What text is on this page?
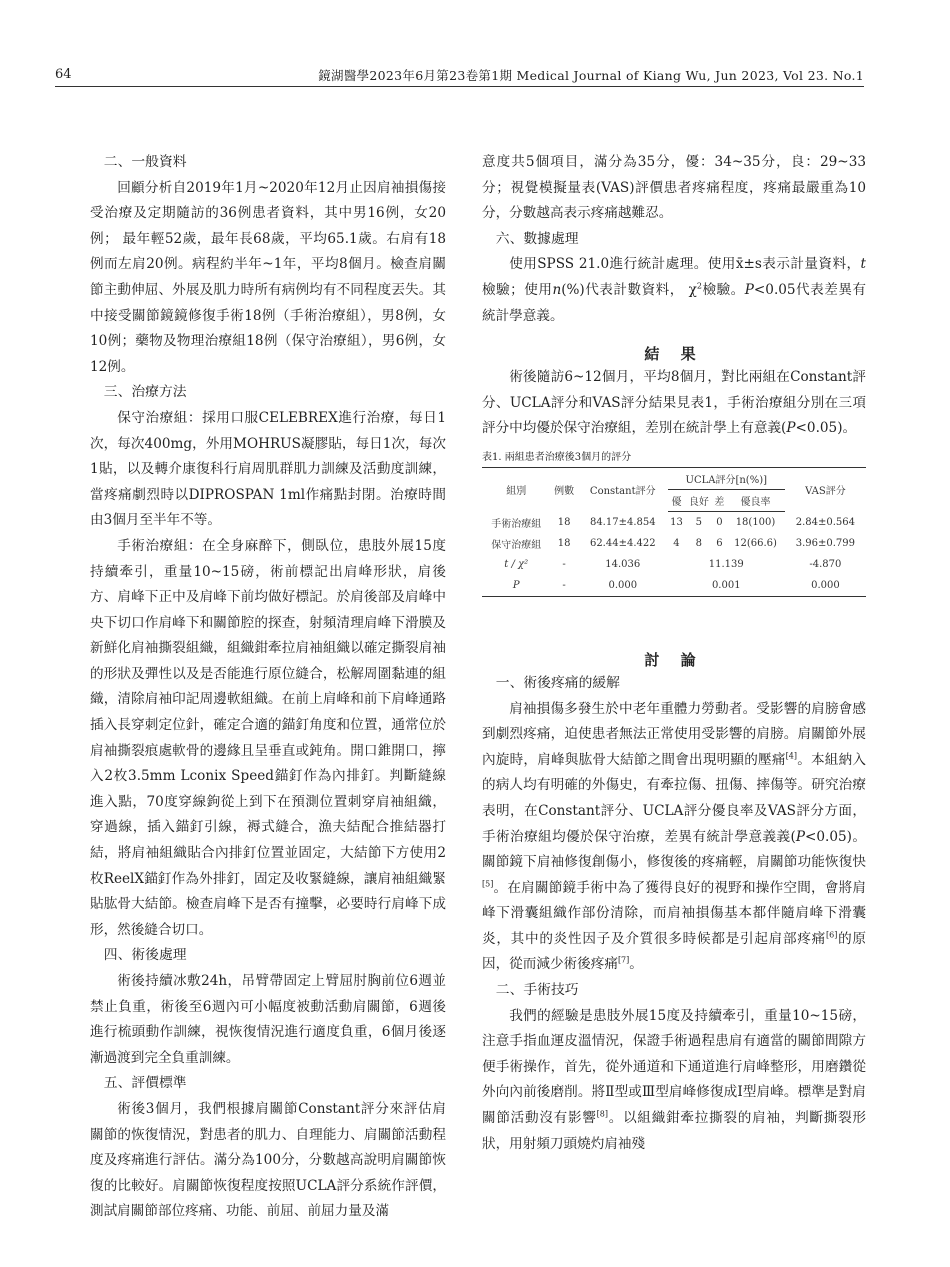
64	鏡湖醫學2023年6月第23卷第1期 Medical Journal of Kiang Wu, Jun 2023, Vol 23. No.1
二、一般資料

回顧分析自2019年1月~2020年12月止因肩袖損傷接受治療及定期隨訪的36例患者資料，其中男16例，女20例； 最年輕52歲，最年長68歲，平均65.1歲。右肩有18例而左肩20例。病程約半年~1年，平均8個月。檢查肩關節主動伸屈、外展及肌力時所有病例均有不同程度丟失。其中接受關節鏡鏡修復手術18例（手術治療組），男8例，女10例；藥物及物理治療組18例（保守治療組），男6例，女12例。

三、治療方法

保守治療組：採用口服CELEBREX進行治療，每日1次，每次400mg，外用MOHRUS凝膠貼，每日1次，每次1貼，以及轉介康復科行肩周肌群肌力訓練及活動度訓練，當疼痛劇烈時以DIPROSPAN 1ml作痛點封閉。治療時間由3個月至半年不等。

手術治療組：在全身麻醉下，側臥位，患肢外展15度持續牽引，重量10~15磅，術前標記出肩峰形狀，肩後方、肩峰下正中及肩峰下前均做好標記。於肩後部及肩峰中央下切口作肩峰下和關節腔的探查，射頻清理肩峰下滑膜及新鮮化肩袖撕裂組織，組織鉗牽拉肩袖組織以確定撕裂肩袖的形狀及彈性以及是否能進行原位縫合，松解周圍黏連的組織，清除肩袖印記周邊軟組織。在前上肩峰和前下肩峰通路插入長穿刺定位針，確定合適的錨釘角度和位置，通常位於肩袖撕裂痕處軟骨的邊緣且呈垂直或鈍角。開口錐開口，擰入2枚3.5mm Lconix Speed錨釘作為內排釘。判斷縫線進入點，70度穿線鉤從上到下在預測位置刺穿肩袖組織，穿過線，插入錨釘引線，褥式縫合，漁夫結配合推結器打結，將肩袖組織貼合內排釘位置並固定，大結節下方使用2枚ReelX錨釘作為外排釘，固定及收緊縫線，讓肩袖組織緊貼肱骨大結節。檢查肩峰下是否有撞擊，必要時行肩峰下成形，然後縫合切口。

四、術後處理

術後持續冰敷24h，吊臂帶固定上臂屈肘胸前位6週並禁止負重，術後至6週內可小幅度被動活動肩關節，6週後進行梳頭動作訓練，視恢復情況進行適度負重，6個月後逐漸過渡到完全負重訓練。

五、評價標準

術後3個月，我們根據肩關節Constant評分來評估肩關節的恢復情況，對患者的肌力、自理能力、肩關節活動程度及疼痛進行評估。滿分為100分，分數越高說明肩關節恢復的比較好。肩關節恢復程度按照UCLA評分系統作評價，測試肩關節部位疼痛、功能、前屈、前屈力量及滿

意度共5個項目，滿分為35分，優：34~35分，良：29~33分；視覺模擬量表(VAS)評價患者疼痛程度，疼痛最嚴重為10分，分數越高表示疼痛越難忍。

六、數據處理

使用SPSS 21.0進行統計處理。使用x̄±s表示計量資料，t 檢驗；使用n(%)代表計數資料， $\chi^2$檢驗。P<0.05代表差異有統計學意義。

結 果

術後隨訪6~12個月，平均8個月，對比兩組在Constant評分、UCLA評分和VAS評分結果見表1，手術治療組分別在三項評分中均優於保守治療組，差別在統計學上有意義(P<0.05)。

表1. 兩組患者治療後3個月的評分
組別	例數	Constant評分	UCLA評分[n(%)]				VAS評分
			優	良好	差	優良率	
手術治療組	18	84.17±4.854	13	5	0	18(100)	2.84±0.564
保守治療組	18	62.44±4.422	4	8	6	12(66.6)	3.96±0.799
t / χ²	-	14.036	11.139				-4.870
P	-	0.000	0.001				0.000
討 論
一、術後疼痛的緩解

肩袖損傷多發生於中老年重體力勞動者。受影響的肩膀會感到劇烈疼痛，迫使患者無法正常使用受影響的肩膀。肩關節外展內旋時，肩峰與肱骨大結節之間會出現明顯的壓痛[4]。本組納入的病人均有明確的外傷史，有牽拉傷、扭傷、摔傷等。研究治療表明，在Constant評分、UCLA評分優良率及VAS評分方面，手術治療組均優於保守治療，差異有統計學意義義(P<0.05)。關節鏡下肩袖修復創傷小，修復後的疼痛輕，肩關節功能恢復快[5]。在肩關節鏡手術中為了獲得良好的視野和操作空間，會將肩峰下滑囊組織作部份清除，而肩袖損傷基本都伴隨肩峰下滑囊炎，其中的炎性因子及介質很多時候都是引起肩部疼痛[6]的原因，從而減少術後疼痛[7]。

二、手術技巧

我們的經驗是患肢外展15度及持續牽引，重量10~15磅，注意手指血運皮溫情況，保證手術過程患肩有適當的關節間隙方便手術操作，首先，從外通道和下通道進行肩峰整形，用磨鑽從外向內前後磨削。將Ⅱ型或Ⅲ型肩峰修復成Ⅰ型肩峰。標準是對肩關節活動沒有影響[8]。以組織鉗牽拉撕裂的肩袖，判斷撕裂形狀，用射頻刀頭燒灼肩袖殘
